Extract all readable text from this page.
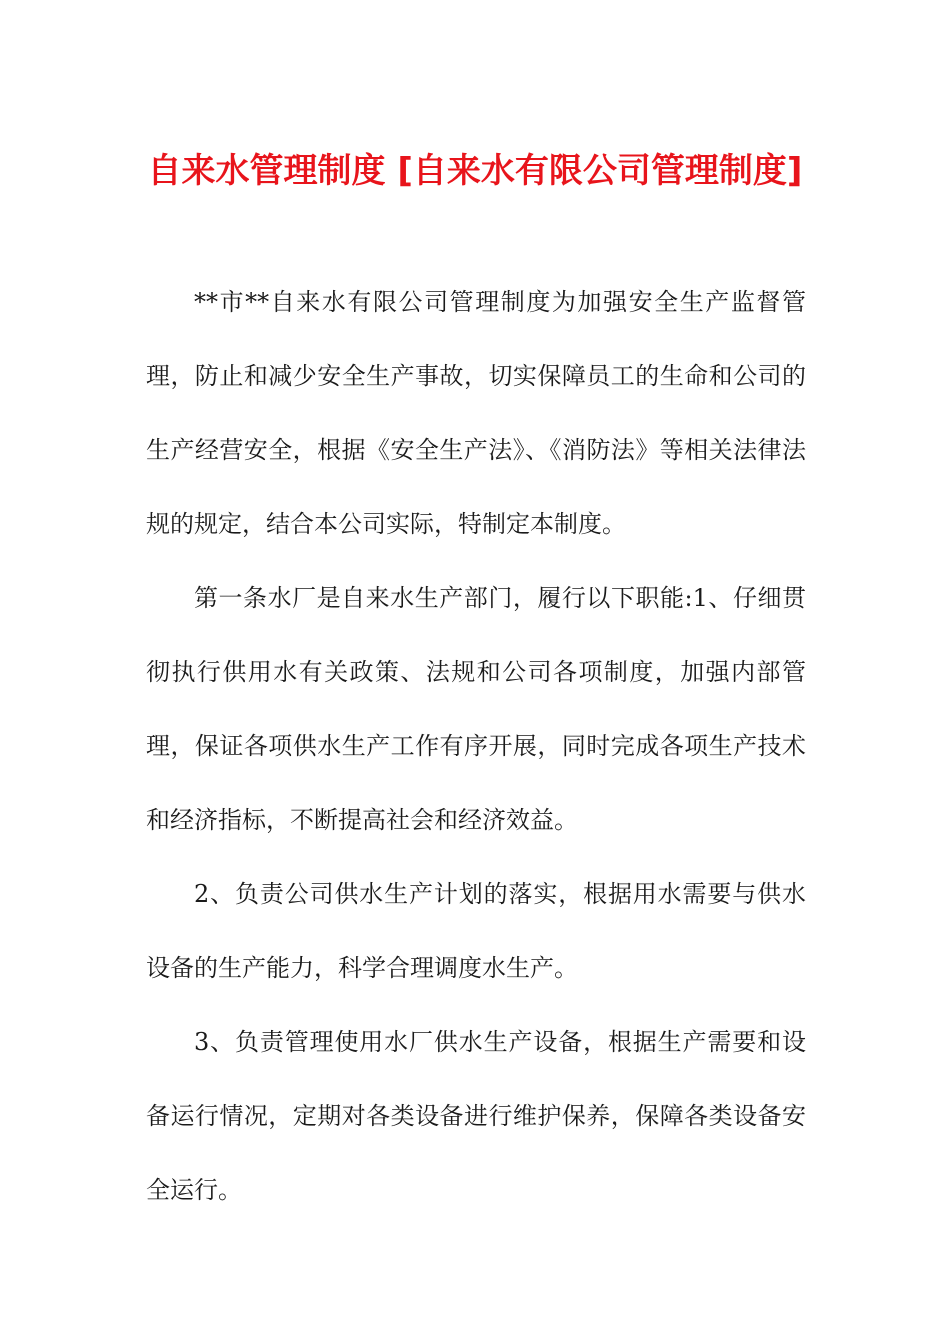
自来水管理制度 [自来水有限公司管理制度]

**市**自来水有限公司管理制度为加强安全生产监督管理，防止和减少安全生产事故，切实保障员工的生命和公司的生产经营安全，根据《安全生产法》、《消防法》等相关法律法规的规定，结合本公司实际，特制定本制度。

第一条水厂是自来水生产部门，履行以下职能:1、仔细贯彻执行供用水有关政策、法规和公司各项制度，加强内部管理，保证各项供水生产工作有序开展，同时完成各项生产技术和经济指标，不断提高社会和经济效益。

2、负责公司供水生产计划的落实，根据用水需要与供水设备的生产能力，科学合理调度水生产。

3、负责管理使用水厂供水生产设备，根据生产需要和设备运行情况，定期对各类设备进行维护保养，保障各类设备安全运行。
